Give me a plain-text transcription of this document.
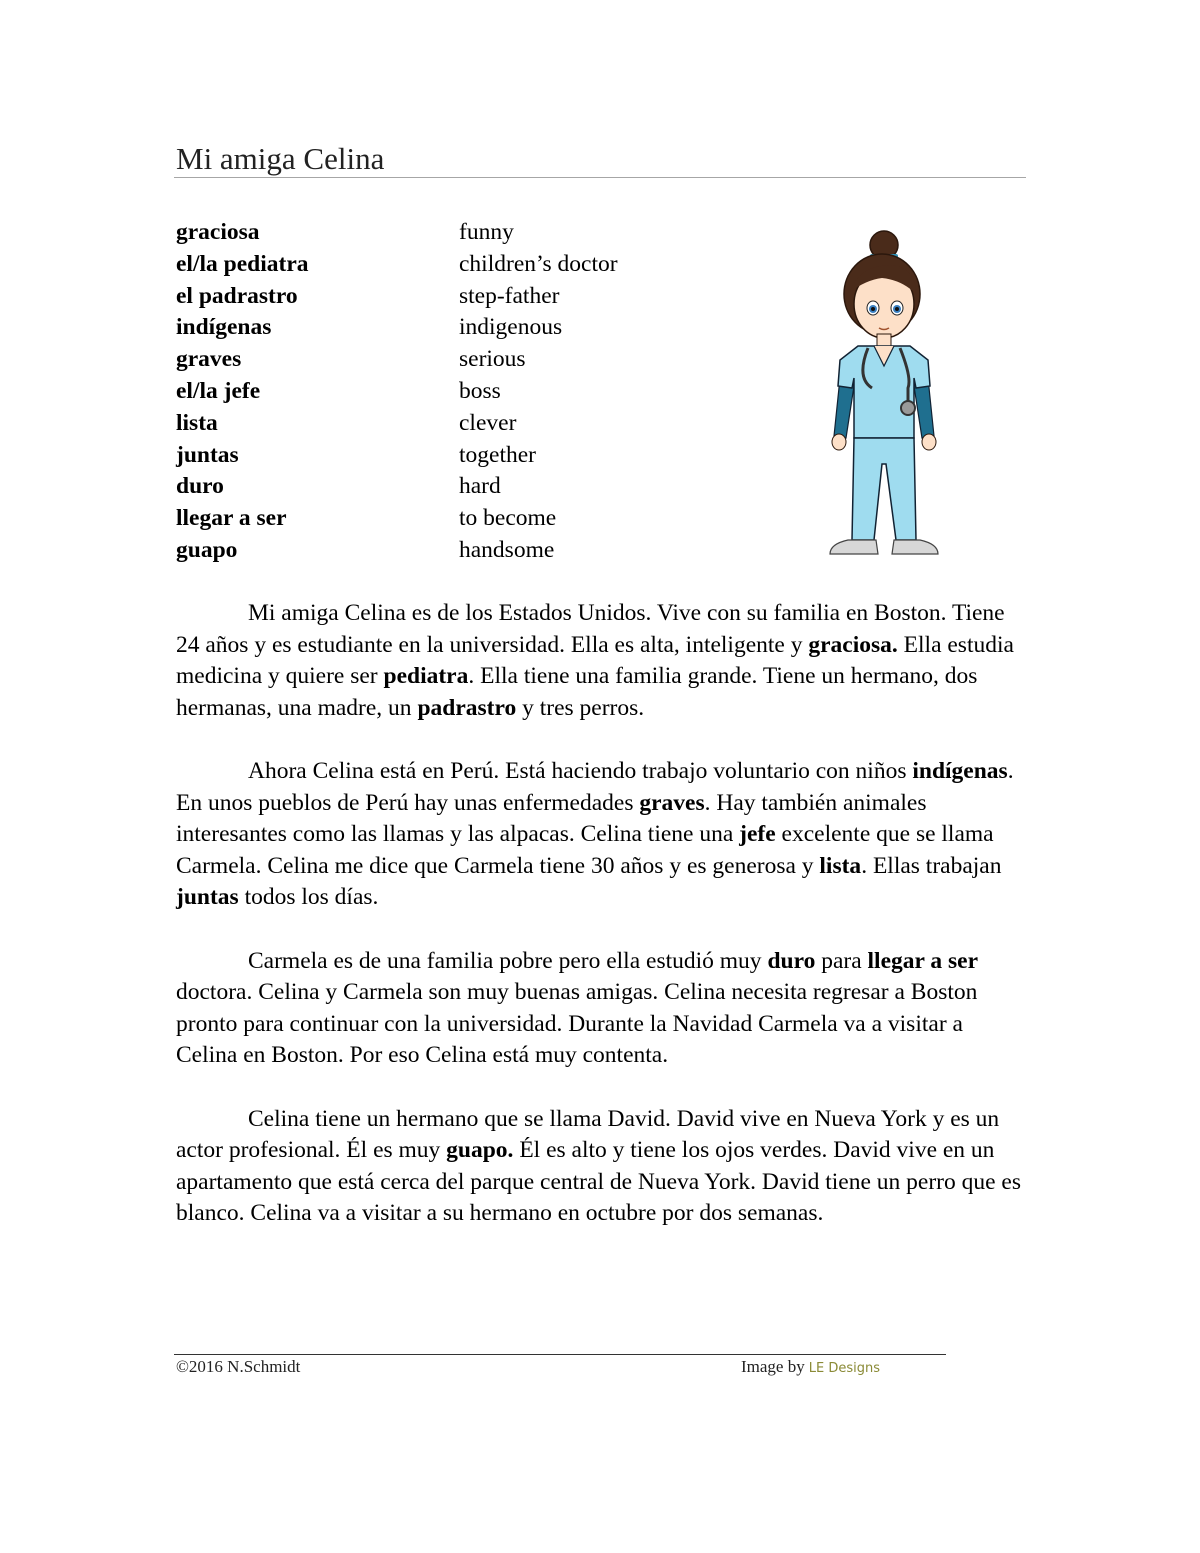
Mi amiga Celina
graciosa	funny
el/la pediatra	children’s doctor
el padrastro	step-father
indígenas	indigenous
graves	serious
el/la jefe	boss
lista	clever
juntas	together
duro	hard
llegar a ser	to become
guapo	handsome

Mi amiga Celina es de los Estados Unidos. Vive con su familia en Boston. Tiene 24 años y es estudiante en la universidad. Ella es alta, inteligente y graciosa. Ella estudia medicina y quiere ser pediatra. Ella tiene una familia grande. Tiene un hermano, dos hermanas, una madre, un padrastro y tres perros.

Ahora Celina está en Perú. Está haciendo trabajo voluntario con niños indígenas. En unos pueblos de Perú hay unas enfermedades graves. Hay también animales interesantes como las llamas y las alpacas. Celina tiene una jefe excelente que se llama Carmela. Celina me dice que Carmela tiene 30 años y es generosa y lista. Ellas trabajan juntas todos los días.

Carmela es de una familia pobre pero ella estudió muy duro para llegar a ser doctora. Celina y Carmela son muy buenas amigas. Celina necesita regresar a Boston pronto para continuar con la universidad. Durante la Navidad Carmela va a visitar a Celina en Boston. Por eso Celina está muy contenta.

Celina tiene un hermano que se llama David. David vive en Nueva York y es un actor profesional. Él es muy guapo. Él es alto y tiene los ojos verdes. David vive en un apartamento que está cerca del parque central de Nueva York. David tiene un perro que es blanco. Celina va a visitar a su hermano en octubre por dos semanas.

©2016 N.Schmidt	Image by LE Designs
